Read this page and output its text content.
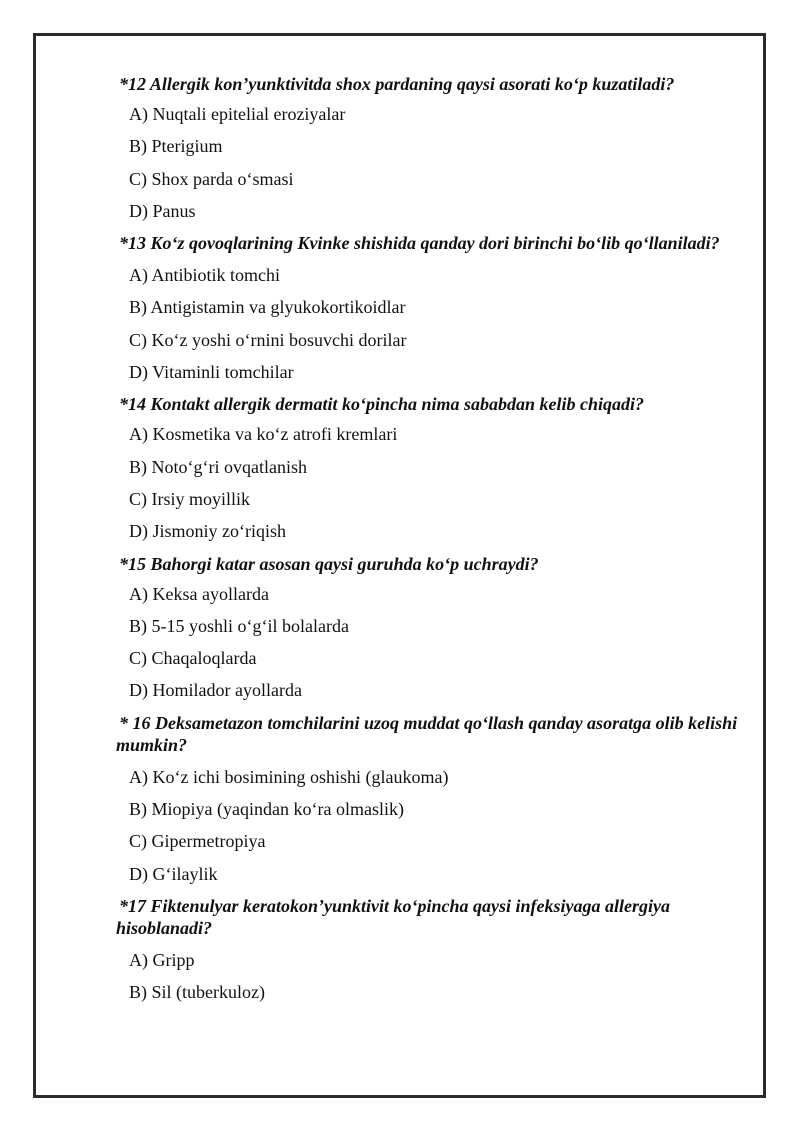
*12 Allergik kon’yunktivitda shox pardaning qaysi asorati koʻp kuzatiladi?
A) Nuqtali epitelial eroziyalar
B) Pterigium
C) Shox parda oʻsmasi
D) Panus
*13 Koʻz qovoqlarining Kvinke shishida qanday dori birinchi boʻlib qoʻllaniladi?
A) Antibiotik tomchi
B) Antigistamin va glyukokortikoidlar
C) Koʻz yoshi oʻrnini bosuvchi dorilar
D) Vitaminli tomchilar
*14 Kontakt allergik dermatit koʻpincha nima sababdan kelib chiqadi?
A) Kosmetika va koʻz atrofi kremlari
B) Notoʻgʻri ovqatlanish
C) Irsiy moyillik
D) Jismoniy zoʻriqish
*15 Bahorgi katar asosan qaysi guruhda koʻp uchraydi?
A) Keksa ayollarda
B) 5-15 yoshli oʻgʻil bolalarda
C) Chaqaloqlarda
D) Homilador ayollarda
* 16 Deksametazon tomchilarini uzoq muddat qoʻllash qanday asoratga olib kelishi mumkin?
A) Koʻz ichi bosimining oshishi (glaukoma)
B) Miopiya (yaqindan koʻra olmaslik)
C) Gipermetropiya
D) Gʻilaylik
*17 Fiktenulyar keratokon’yunktivit koʻpincha qaysi infeksiyaga allergiya hisoblanadi?
A) Gripp
B) Sil (tuberkuloz)
